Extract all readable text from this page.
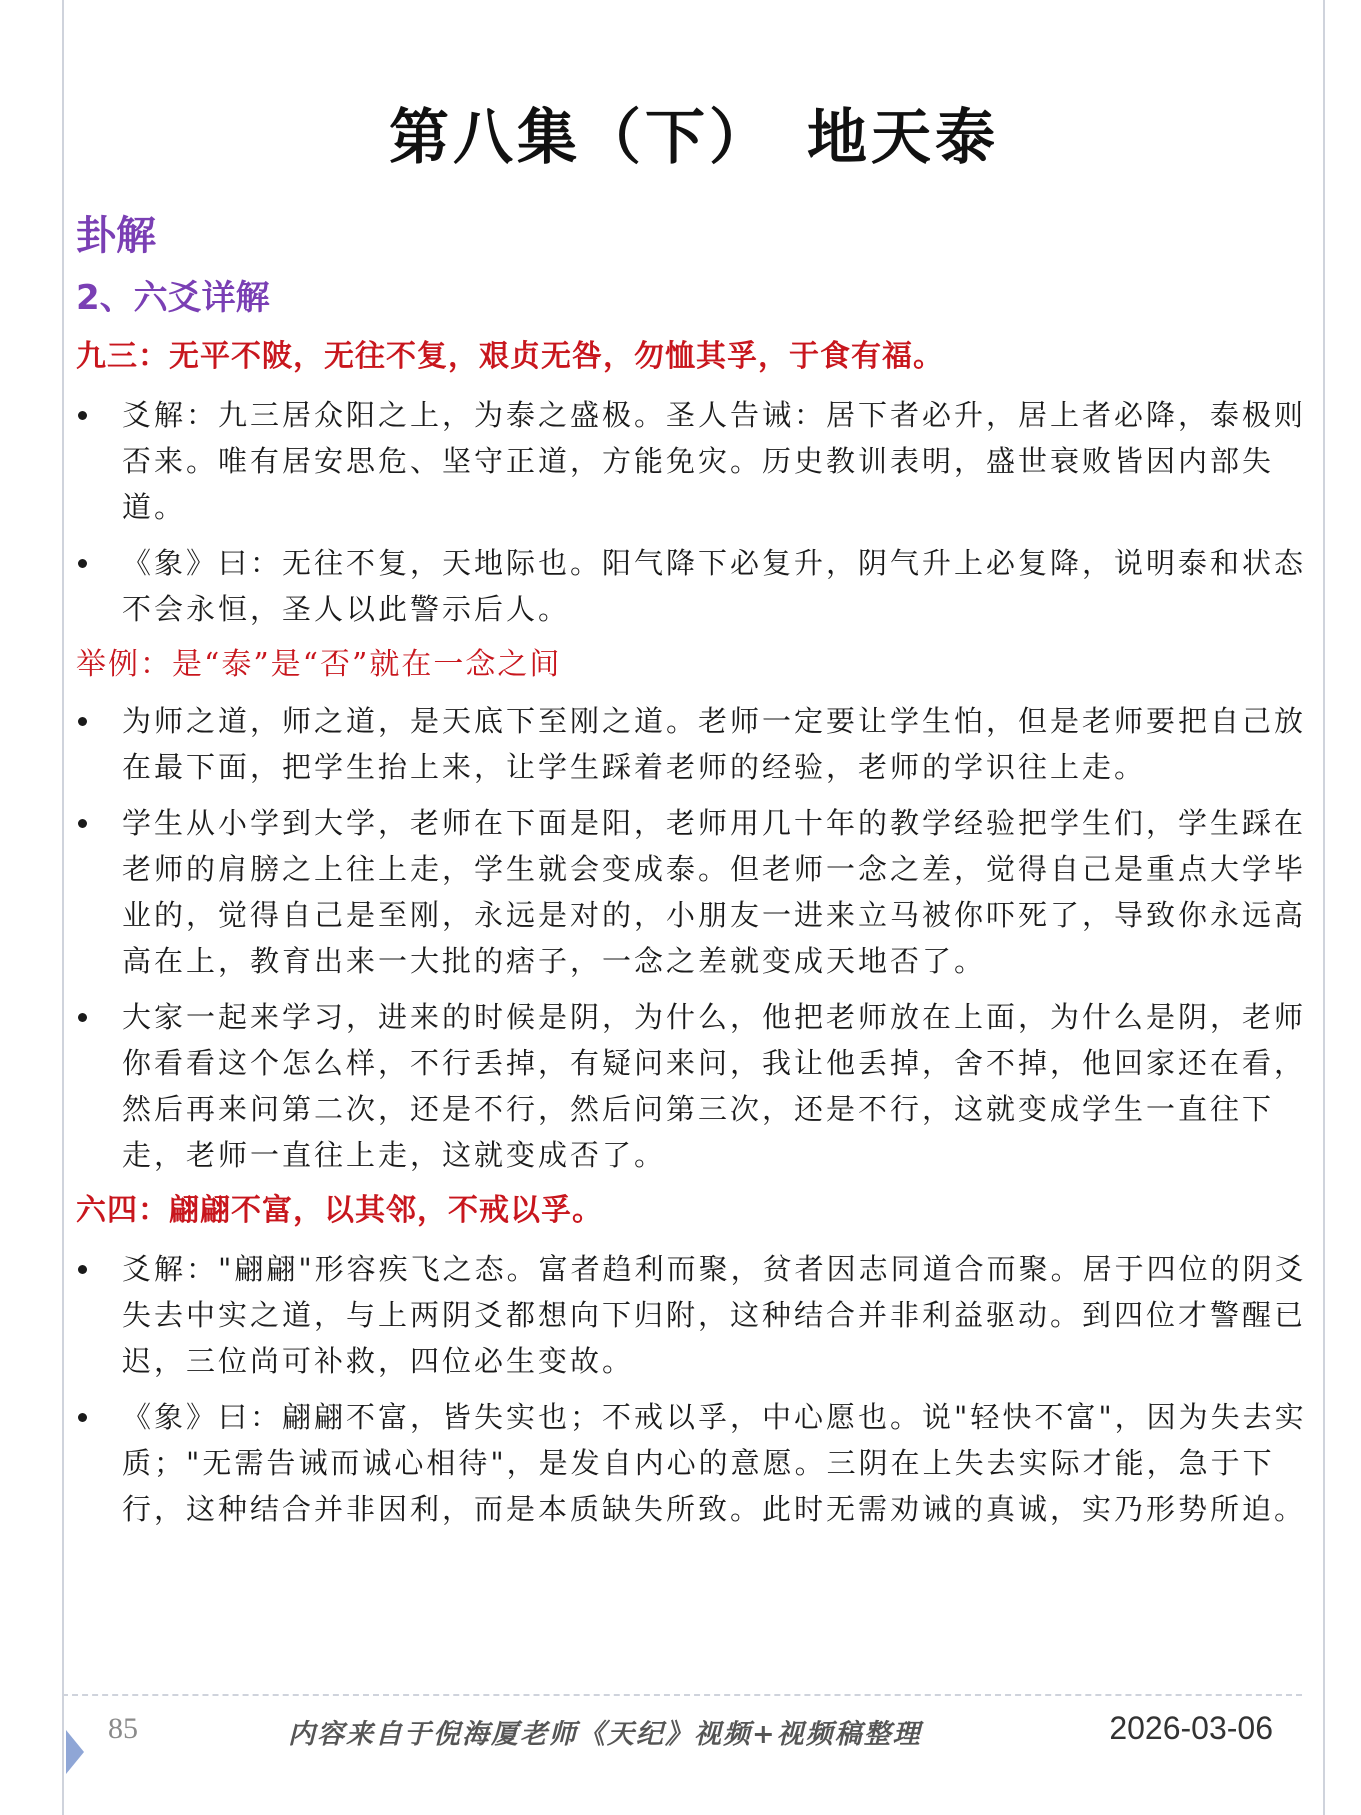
第八集（下）　地天泰
卦解
2、六爻详解
九三：无平不陂，无往不复，艰贞无咎，勿恤其孚，于食有福。
爻解：九三居众阳之上，为泰之盛极。圣人告诫：居下者必升，居上者必降，泰极则否来。唯有居安思危、坚守正道，方能免灾。历史教训表明，盛世衰败皆因内部失道。
《象》曰：无往不复，天地际也。阳气降下必复升，阴气升上必复降，说明泰和状态不会永恒，圣人以此警示后人。
举例：是“泰”是“否”就在一念之间
为师之道，师之道，是天底下至刚之道。老师一定要让学生怕，但是老师要把自己放在最下面，把学生抬上来，让学生踩着老师的经验，老师的学识往上走。
学生从小学到大学，老师在下面是阳，老师用几十年的教学经验把学生们，学生踩在老师的肩膀之上往上走，学生就会变成泰。但老师一念之差，觉得自己是重点大学毕业的，觉得自己是至刚，永远是对的，小朋友一进来立马被你吓死了，导致你永远高高在上，教育出来一大批的痞子，一念之差就变成天地否了。
大家一起来学习，进来的时候是阴，为什么，他把老师放在上面，为什么是阴，老师你看看这个怎么样，不行丢掉，有疑问来问，我让他丢掉，舍不掉，他回家还在看，然后再来问第二次，还是不行，然后问第三次，还是不行，这就变成学生一直往下走，老师一直往上走，这就变成否了。
六四：翩翩不富，以其邻，不戒以孚。
爻解："翩翩"形容疾飞之态。富者趋利而聚，贫者因志同道合而聚。居于四位的阴爻失去中实之道，与上两阴爻都想向下归附，这种结合并非利益驱动。到四位才警醒已迟，三位尚可补救，四位必生变故。
《象》曰：翩翩不富，皆失实也；不戒以孚，中心愿也。说"轻快不富"，因为失去实质；"无需告诫而诚心相待"，是发自内心的意愿。三阴在上失去实际才能，急于下行，这种结合并非因利，而是本质缺失所致。此时无需劝诫的真诚，实乃形势所迫。
85	内容来自于倪海厦老师《天纪》视频+视频稿整理	2026-03-06
